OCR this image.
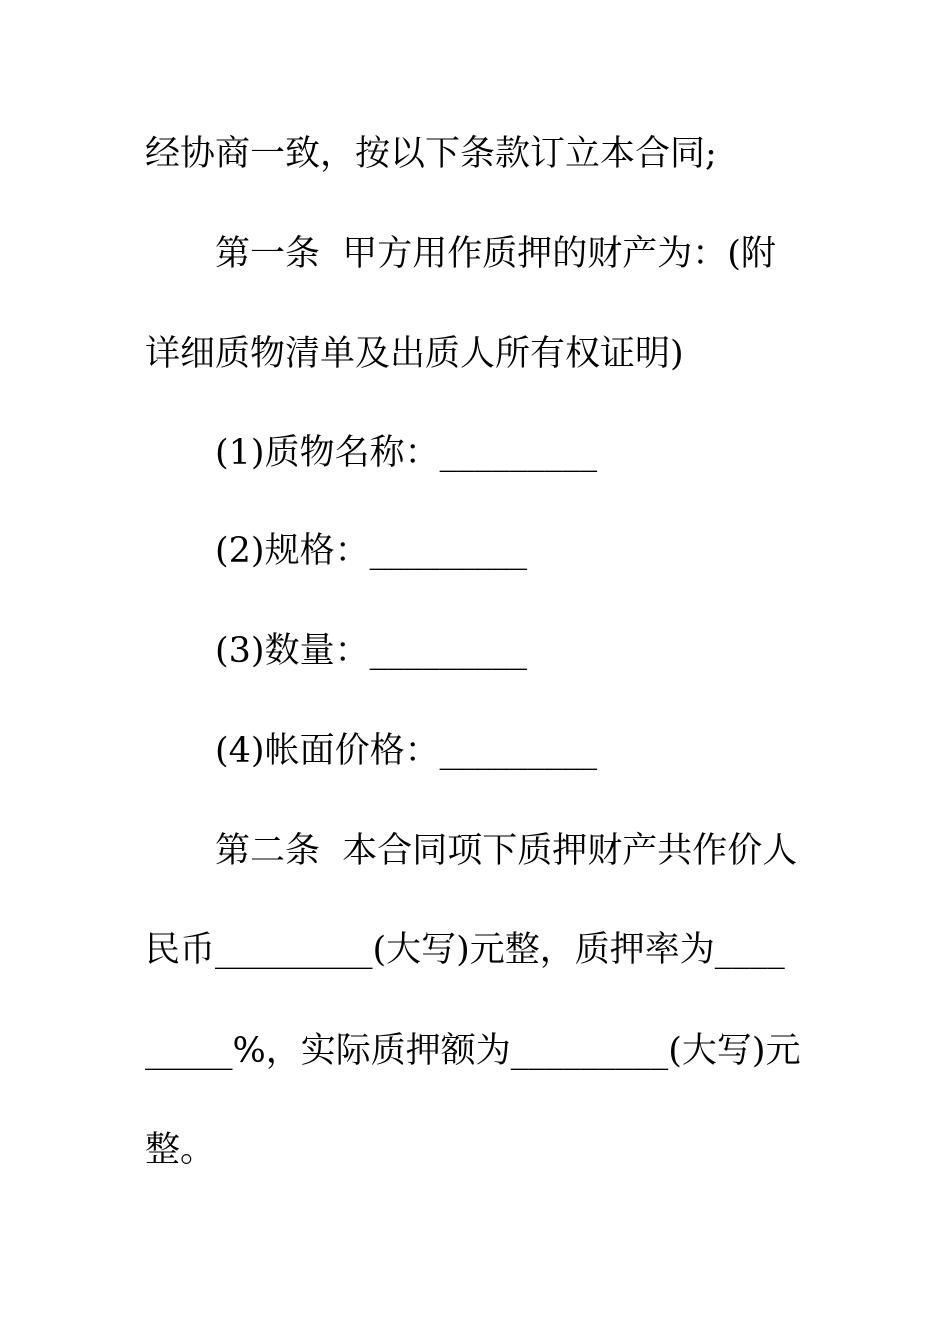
经协商一致，按以下条款订立本合同;
第一条  甲方用作质押的财产为：(附
详细质物清单及出质人所有权证明)
(1)质物名称：_________
(2)规格：_________
(3)数量：_________
(4)帐面价格：_________
第二条  本合同项下质押财产共作价人
民币_________(大写)元整，质押率为____
_____%，实际质押额为_________(大写)元
整。
